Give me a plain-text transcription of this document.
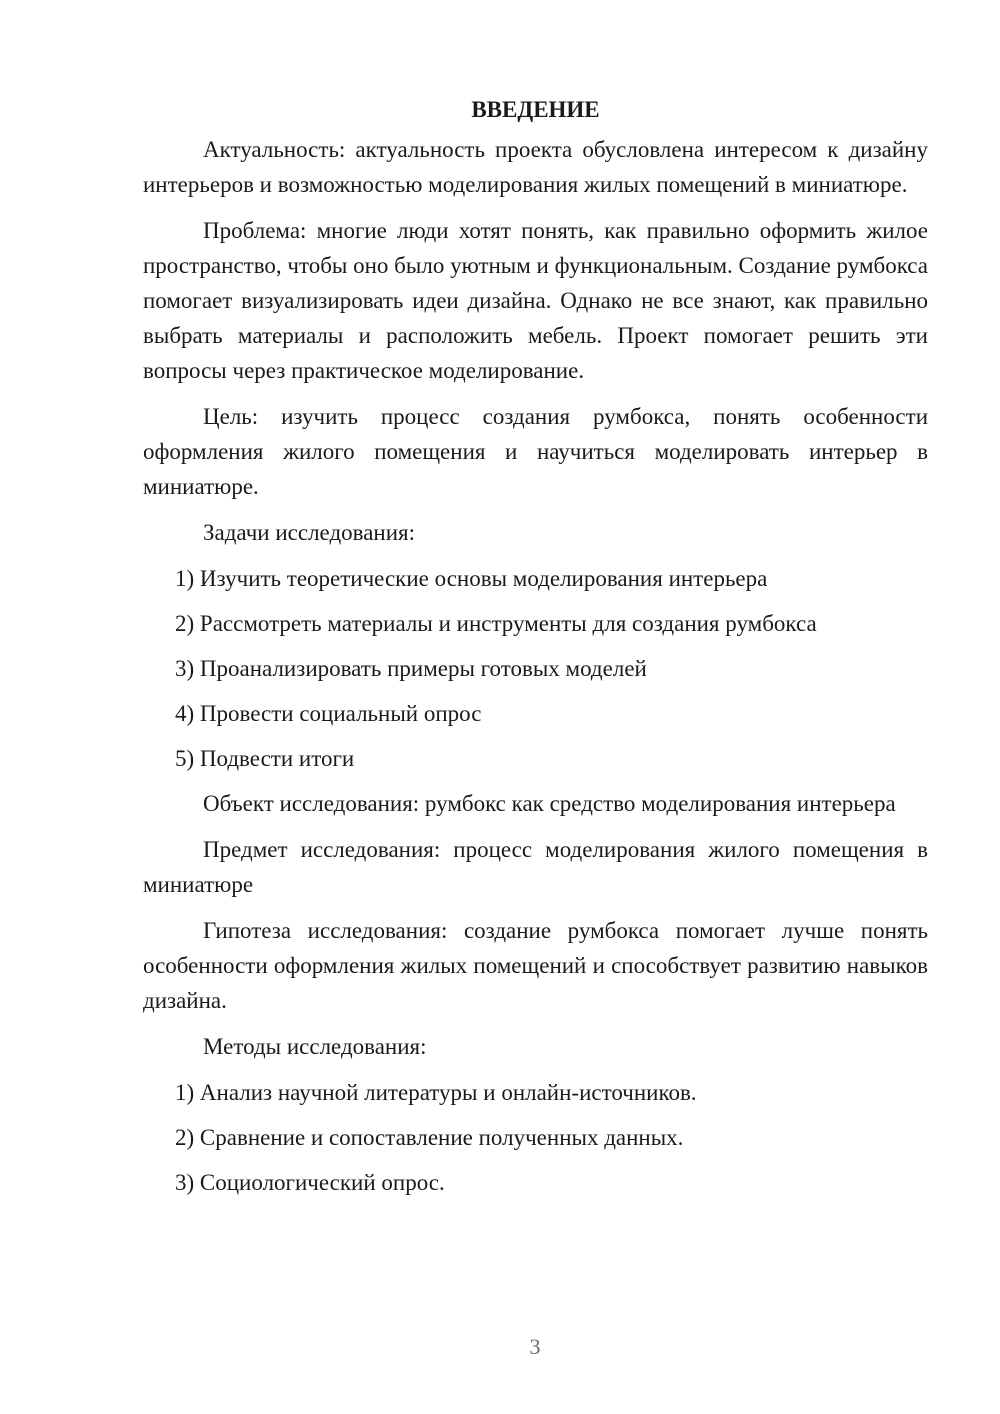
ВВЕДЕНИЕ

Актуальность: актуальность проекта обусловлена интересом к дизайну интерьеров и возможностью моделирования жилых помещений в миниатюре.

Проблема: многие люди хотят понять, как правильно оформить жилое пространство, чтобы оно было уютным и функциональным. Создание румбокса помогает визуализировать идеи дизайна. Однако не все знают, как правильно выбрать материалы и расположить мебель. Проект помогает решить эти вопросы через практическое моделирование.

Цель: изучить процесс создания румбокса, понять особенности оформления жилого помещения и научиться моделировать интерьер в миниатюре.

Задачи исследования:

1) Изучить теоретические основы моделирования интерьера
2) Рассмотреть материалы и инструменты для создания румбокса
3) Проанализировать примеры готовых моделей
4) Провести социальный опрос
5) Подвести итоги

Объект исследования: румбокс как средство моделирования интерьера

Предмет исследования: процесс моделирования жилого помещения в миниатюре

Гипотеза исследования: создание румбокса помогает лучше понять особенности оформления жилых помещений и способствует развитию навыков дизайна.

Методы исследования:

1) Анализ научной литературы и онлайн-источников.
2) Сравнение и сопоставление полученных данных.
3) Социологический опрос.
3
